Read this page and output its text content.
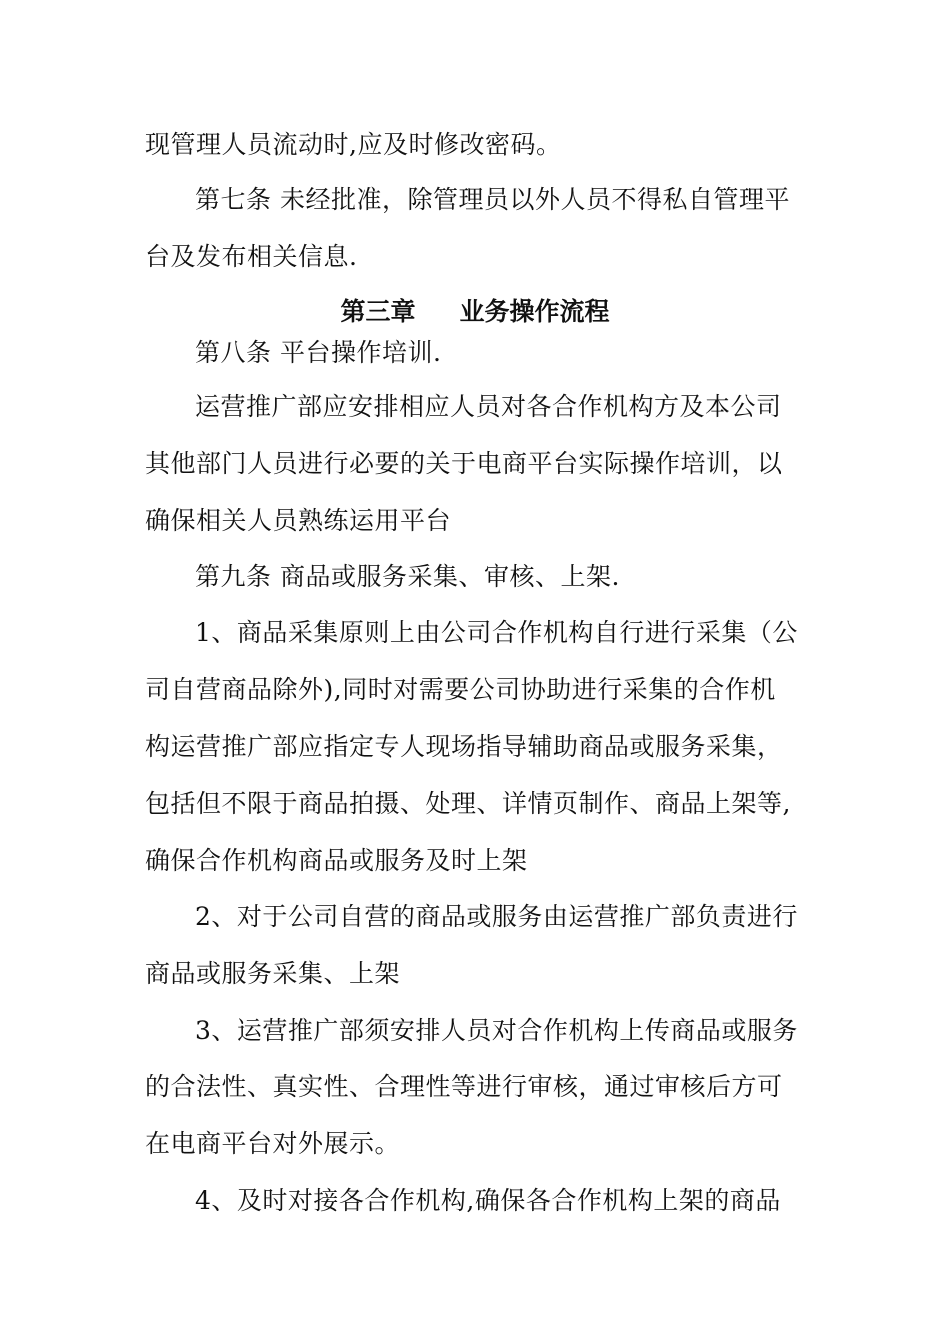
现管理人员流动时,应及时修改密码。
第七条 未经批准，除管理员以外人员不得私自管理平
台及发布相关信息.
第三章 业务操作流程
第八条 平台操作培训.
运营推广部应安排相应人员对各合作机构方及本公司
其他部门人员进行必要的关于电商平台实际操作培训，以
确保相关人员熟练运用平台
第九条 商品或服务采集、审核、上架.
1、商品采集原则上由公司合作机构自行进行采集（公
司自营商品除外),同时对需要公司协助进行采集的合作机
构运营推广部应指定专人现场指导辅助商品或服务采集，
包括但不限于商品拍摄、处理、详情页制作、商品上架等,
确保合作机构商品或服务及时上架
2、对于公司自营的商品或服务由运营推广部负责进行
商品或服务采集、上架
3、运营推广部须安排人员对合作机构上传商品或服务
的合法性、真实性、合理性等进行审核，通过审核后方可
在电商平台对外展示。
4、及时对接各合作机构,确保各合作机构上架的商品
